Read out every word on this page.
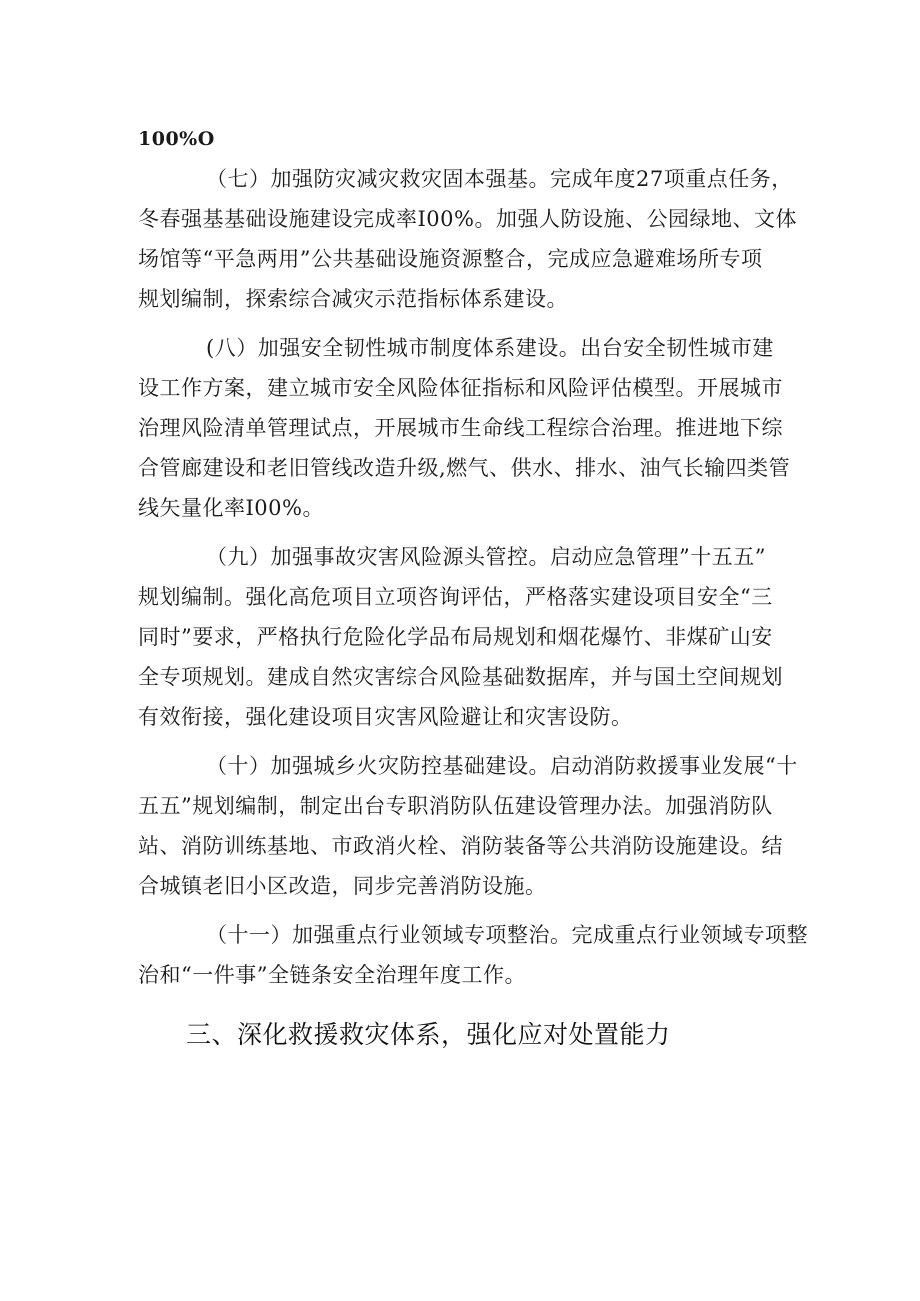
100%O
（七）加强防灾减灾救灾固本强基。完成年度27项重点任务，
冬春强基基础设施建设完成率I00%。加强人防设施、公园绿地、文体
场馆等“平急两用”公共基础设施资源整合，完成应急避难场所专项
规划编制，探索综合减灾示范指标体系建设。
(八）加强安全韧性城市制度体系建设。出台安全韧性城市建
设工作方案，建立城市安全风险体征指标和风险评估模型。开展城市
治理风险清单管理试点，开展城市生命线工程综合治理。推进地下综
合管廊建设和老旧管线改造升级,燃气、供水、排水、油气长输四类管
线矢量化率I00%。
（九）加强事故灾害风险源头管控。启动应急管理”十五五”
规划编制。强化高危项目立项咨询评估，严格落实建设项目安全“三
同时”要求，严格执行危险化学品布局规划和烟花爆竹、非煤矿山安
全专项规划。建成自然灾害综合风险基础数据库，并与国土空间规划
有效衔接，强化建设项目灾害风险避让和灾害设防。
（十）加强城乡火灾防控基础建设。启动消防救援事业发展“十
五五”规划编制，制定出台专职消防队伍建设管理办法。加强消防队
站、消防训练基地、市政消火栓、消防装备等公共消防设施建设。结
合城镇老旧小区改造，同步完善消防设施。
（十一）加强重点行业领域专项整治。完成重点行业领域专项整
治和“一件事”全链条安全治理年度工作。
三、深化救援救灾体系，强化应对处置能力
